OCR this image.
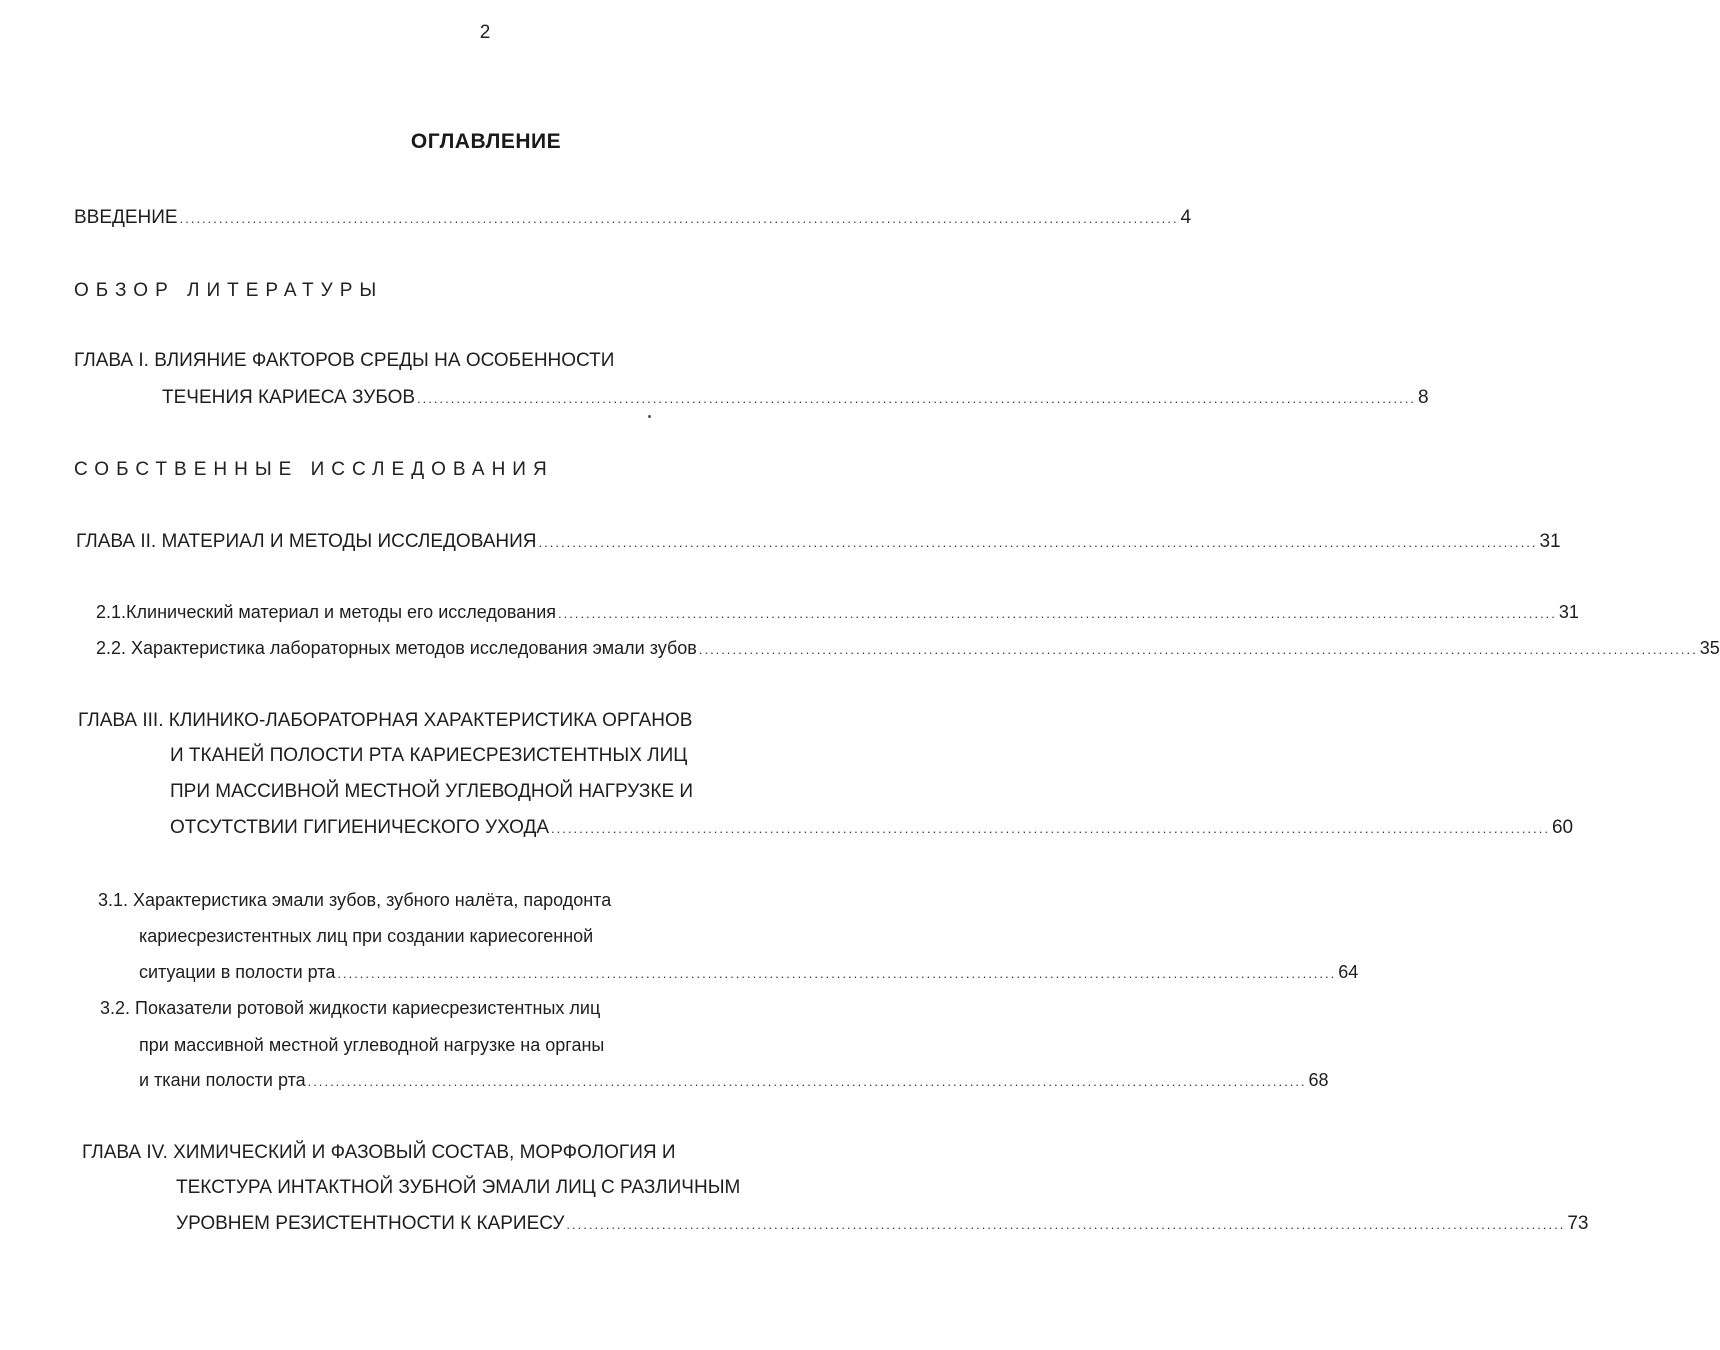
2
ОГЛАВЛЕНИЕ
ВВЕДЕНИЕ .................................................................................................................................................................................. 4
ОБЗОР ЛИТЕРАТУРЫ
ГЛАВА I. ВЛИЯНИЕ ФАКТОРОВ СРЕДЫ НА ОСОБЕННОСТИ
ТЕЧЕНИЯ КАРИЕСА ЗУБОВ .................................................................................................................................................................................. 8
СОБСТВЕННЫЕ ИССЛЕДОВАНИЯ
ГЛАВА II. МАТЕРИАЛ И МЕТОДЫ ИССЛЕДОВАНИЯ .................................................................................................................................................................................. 31
2.1.Клинический материал и методы его исследования .................................................................................................................................................................................. 31
2.2. Характеристика лабораторных методов исследования эмали зубов .................................................................................................................................................................................. 35
ГЛАВА III. КЛИНИКО-ЛАБОРАТОРНАЯ ХАРАКТЕРИСТИКА ОРГАНОВ
И ТКАНЕЙ ПОЛОСТИ РТА КАРИЕСРЕЗИСТЕНТНЫХ ЛИЦ
ПРИ МАССИВНОЙ МЕСТНОЙ УГЛЕВОДНОЙ НАГРУЗКЕ И
ОТСУТСТВИИ ГИГИЕНИЧЕСКОГО УХОДА .................................................................................................................................................................................. 60
3.1. Характеристика эмали зубов, зубного налёта, пародонта
кариесрезистентных лиц при создании кариесогенной
ситуации в полости рта .................................................................................................................................................................................. 64
3.2. Показатели ротовой жидкости кариесрезистентных лиц
при массивной местной углеводной нагрузке на органы
и ткани полости рта .................................................................................................................................................................................. 68
ГЛАВА IV. ХИМИЧЕСКИЙ И ФАЗОВЫЙ СОСТАВ, МОРФОЛОГИЯ И
ТЕКСТУРА ИНТАКТНОЙ ЗУБНОЙ ЭМАЛИ ЛИЦ С РАЗЛИЧНЫМ
УРОВНЕМ РЕЗИСТЕНТНОСТИ К КАРИЕСУ .................................................................................................................................................................................. 73
